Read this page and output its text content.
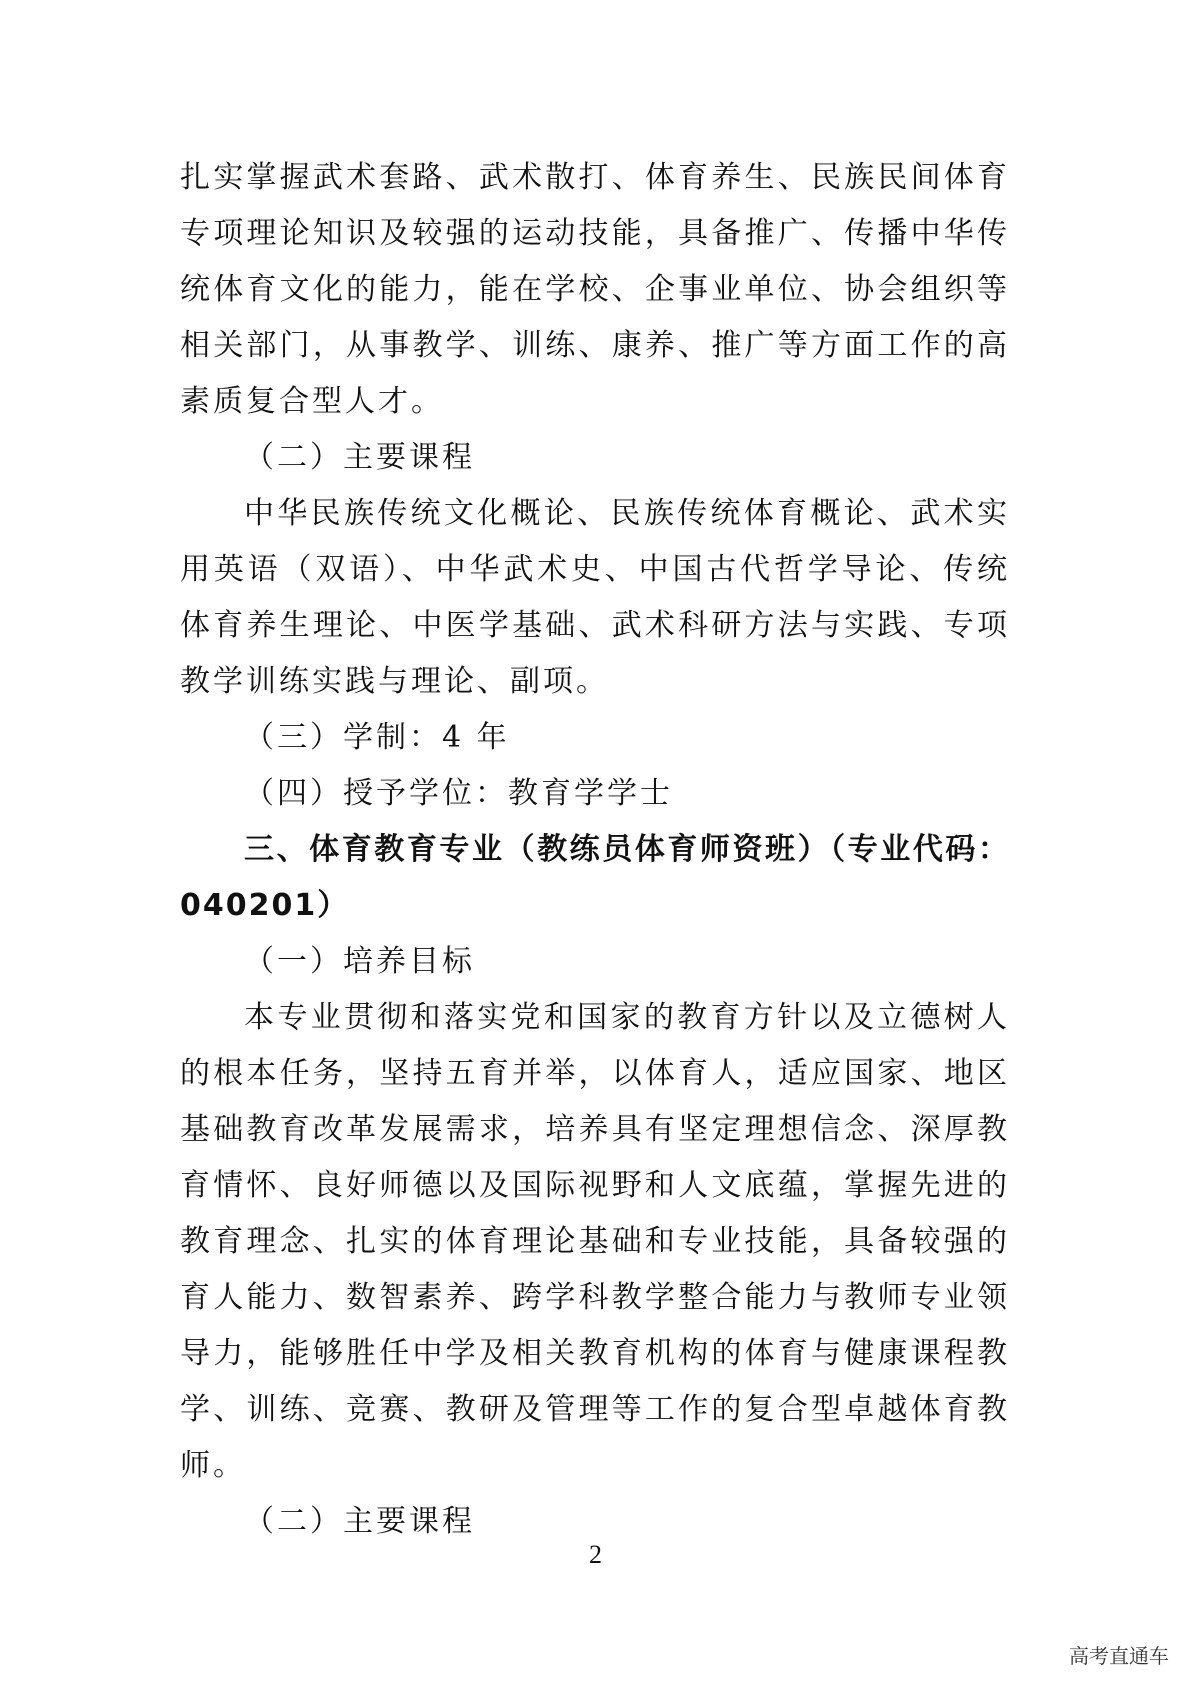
扎实掌握武术套路、武术散打、体育养生、民族民间体育专项理论知识及较强的运动技能，具备推广、传播中华传统体育文化的能力，能在学校、企事业单位、协会组织等相关部门，从事教学、训练、康养、推广等方面工作的高素质复合型人才。

（二）主要课程

中华民族传统文化概论、民族传统体育概论、武术实用英语（双语）、中华武术史、中国古代哲学导论、传统体育养生理论、中医学基础、武术科研方法与实践、专项教学训练实践与理论、副项。

（三）学制：4 年

（四）授予学位：教育学学士

三、体育教育专业（教练员体育师资班）（专业代码：040201）

（一）培养目标

本专业贯彻和落实党和国家的教育方针以及立德树人的根本任务，坚持五育并举，以体育人，适应国家、地区基础教育改革发展需求，培养具有坚定理想信念、深厚教育情怀、良好师德以及国际视野和人文底蕴，掌握先进的教育理念、扎实的体育理论基础和专业技能，具备较强的育人能力、数智素养、跨学科教学整合能力与教师专业领导力，能够胜任中学及相关教育机构的体育与健康课程教学、训练、竞赛、教研及管理等工作的复合型卓越体育教师。

（二）主要课程

2
高考直通车
